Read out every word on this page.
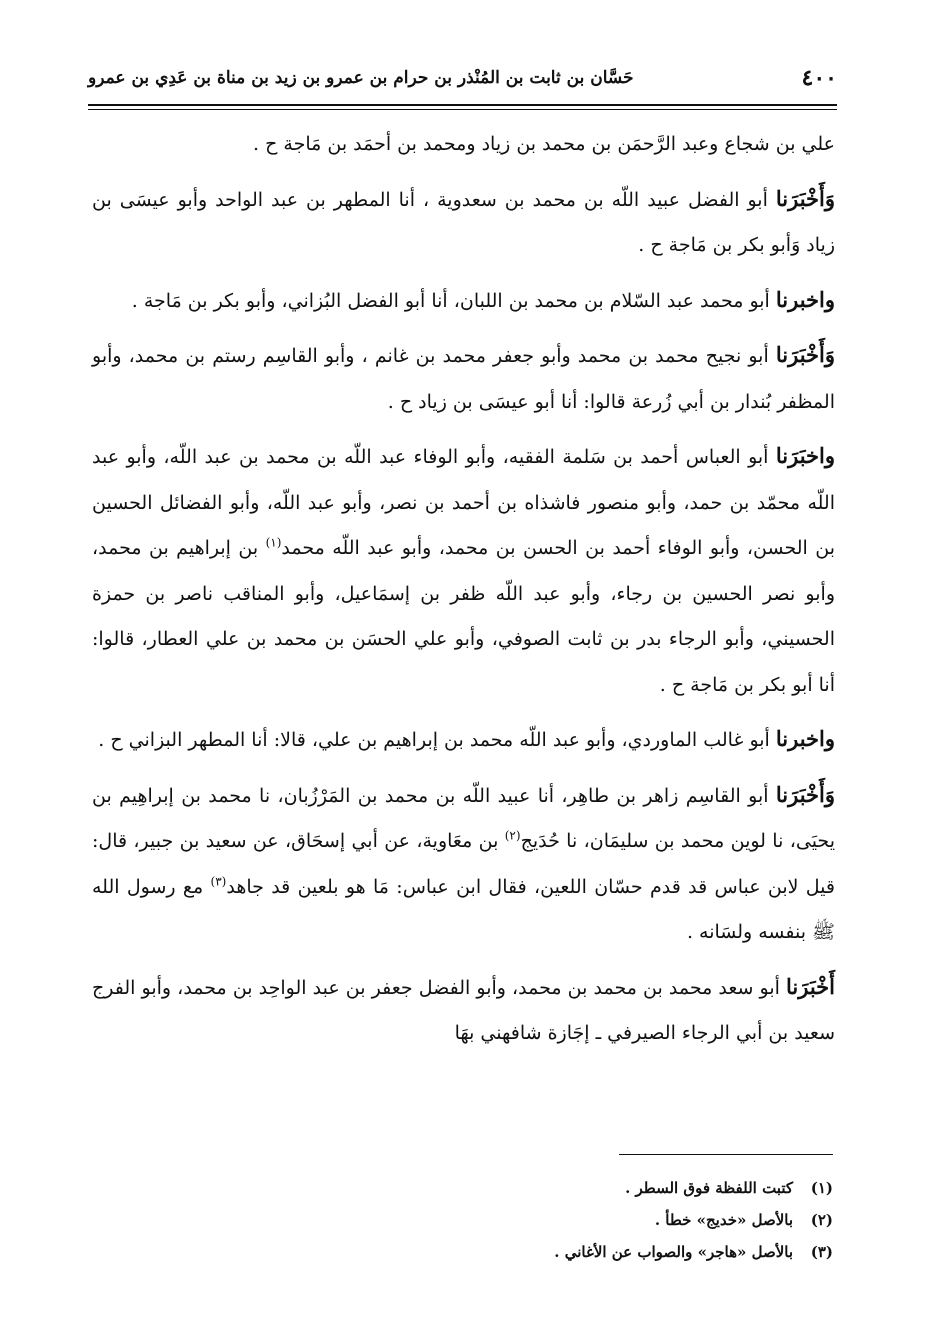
٤٠٠
حَسَّان بن ثابت بن المُنْذر بن حرام بن عمرو بن زيد بن مناة بن عَدِي بن عمرو

علي بن شجاع وعبد الرَّحمَن بن محمد بن زياد ومحمد بن أحمَد بن مَاجة ح .

وَأَخْبَرَنا أبو الفضل عبيد اللّه بن محمد بن سعدوية ، أنا المطهر بن عبد الواحد وأبو عيسَى بن زياد وَأبو بكر بن مَاجة ح .

واخبرنا أبو محمد عبد السّلام بن محمد بن اللبان، أنا أبو الفضل البُزاني، وأبو بكر بن مَاجة .

وَأَخْبَرَنا أبو نجيح محمد بن محمد وأبو جعفر محمد بن غانم ، وأبو القاسِم رستم بن محمد، وأبو المظفر بُندار بن أبي زُرعة قالوا: أنا أبو عيسَى بن زياد ح .

واخبَرَنا أبو العباس أحمد بن سَلمة الفقيه، وأبو الوفاء عبد اللّه بن محمد بن عبد اللّه، وأبو عبد اللّه محمّد بن حمد، وأبو منصور فاشذاه بن أحمد بن نصر، وأبو عبد اللّه، وأبو الفضائل الحسين بن الحسن، وأبو الوفاء أحمد بن الحسن بن محمد، وأبو عبد اللّه محمد$^{(١)}$ بن إبراهيم بن محمد، وأبو نصر الحسين بن رجاء، وأبو عبد اللّه ظفر بن إسمَاعيل، وأبو المناقب ناصر بن حمزة الحسيني، وأبو الرجاء بدر بن ثابت الصوفي، وأبو علي الحسَن بن محمد بن علي العطار، قالوا: أنا أبو بكر بن مَاجة ح .

واخبرنا أبو غالب الماوردي، وأبو عبد اللّه محمد بن إبراهيم بن علي، قالا: أنا المطهر البزاني ح .

وَأَخْبَرَنا أبو القاسِم زاهر بن طاهِر، أنا عبيد اللّه بن محمد بن المَرْزُبان، نا محمد بن إبراهِيم بن يحيَى، نا لوين محمد بن سليمَان، نا حُدَيج$^{(٢)}$ بن معَاوية، عن أبي إسحَاق، عن سعيد بن جبير، قال: قيل لابن عباس قد قدم حسّان اللعين، فقال ابن عباس: مَا هو بلعين قد جاهد$^{(٣)}$ مع رسول الله ﷺ بنفسه ولسَانه .

أَخْبَرَنا أبو سعد محمد بن محمد بن محمد، وأبو الفضل جعفر بن عبد الواحِد بن محمد، وأبو الفرج سعيد بن أبي الرجاء الصيرفي ـ إجَازة شافهني بهَا

(١)
كتبت اللفظة فوق السطر .
(٢)
بالأصل «خديج» خطأ .
(٣)
بالأصل «هاجر» والصواب عن الأغاني .
